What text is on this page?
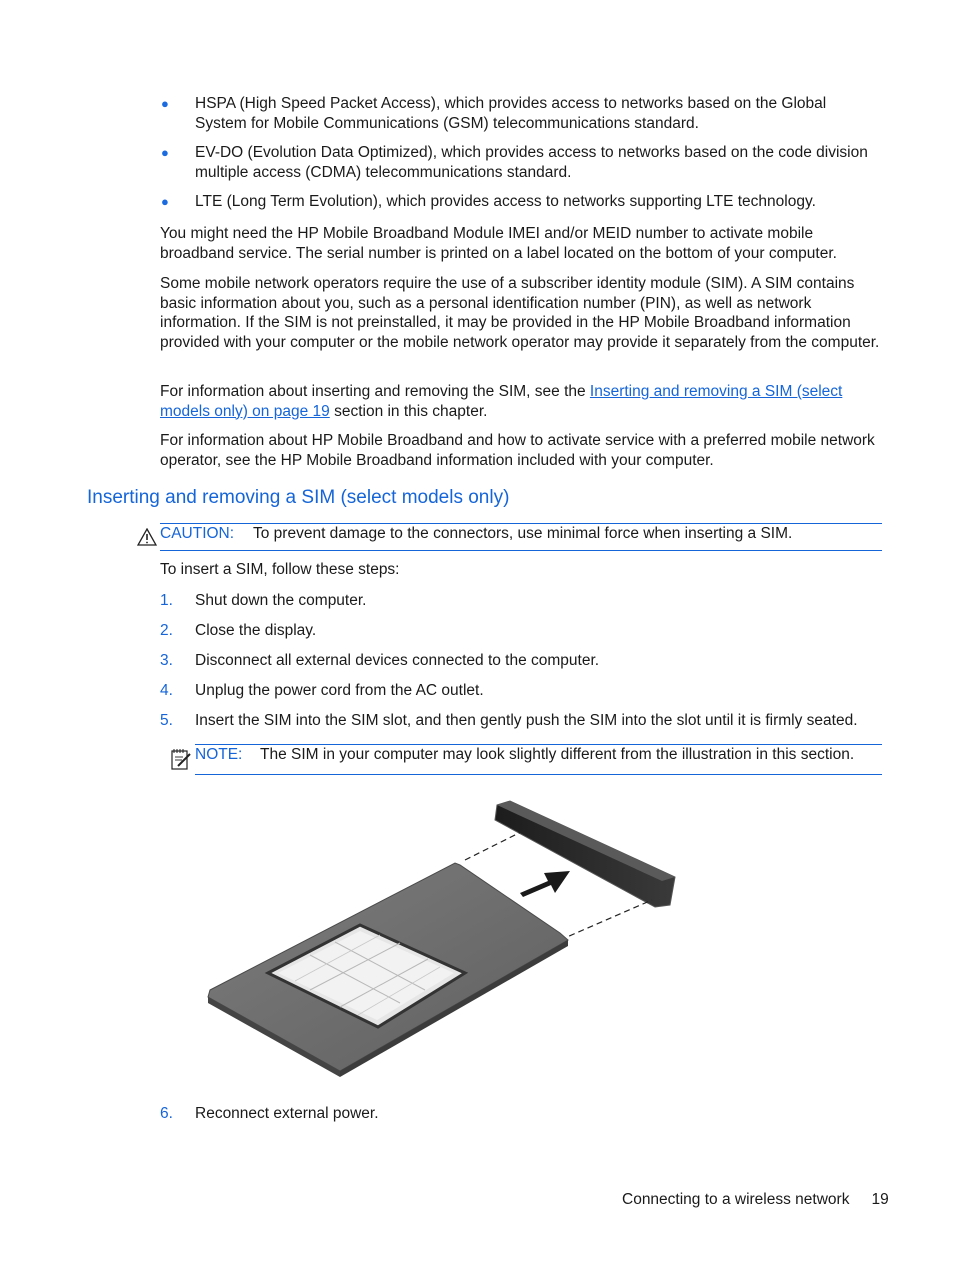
● HSPA (High Speed Packet Access), which provides access to networks based on the Global System for Mobile Communications (GSM) telecommunications standard.
● EV-DO (Evolution Data Optimized), which provides access to networks based on the code division multiple access (CDMA) telecommunications standard.
● LTE (Long Term Evolution), which provides access to networks supporting LTE technology.

You might need the HP Mobile Broadband Module IMEI and/or MEID number to activate mobile broadband service. The serial number is printed on a label located on the bottom of your computer.

Some mobile network operators require the use of a subscriber identity module (SIM). A SIM contains basic information about you, such as a personal identification number (PIN), as well as network information. If the SIM is not preinstalled, it may be provided in the HP Mobile Broadband information provided with your computer or the mobile network operator may provide it separately from the computer.

For information about inserting and removing the SIM, see the Inserting and removing a SIM (select models only) on page 19 section in this chapter.

For information about HP Mobile Broadband and how to activate service with a preferred mobile network operator, see the HP Mobile Broadband information included with your computer.

Inserting and removing a SIM (select models only)
CAUTION: To prevent damage to the connectors, use minimal force when inserting a SIM.

To insert a SIM, follow these steps:

1. Shut down the computer.
2. Close the display.
3. Disconnect all external devices connected to the computer.
4. Unplug the power cord from the AC outlet.
5. Insert the SIM into the SIM slot, and then gently push the SIM into the slot until it is firmly seated.
NOTE: The SIM in your computer may look slightly different from the illustration in this section.
6. Reconnect external power.
Connecting to a wireless network 19
